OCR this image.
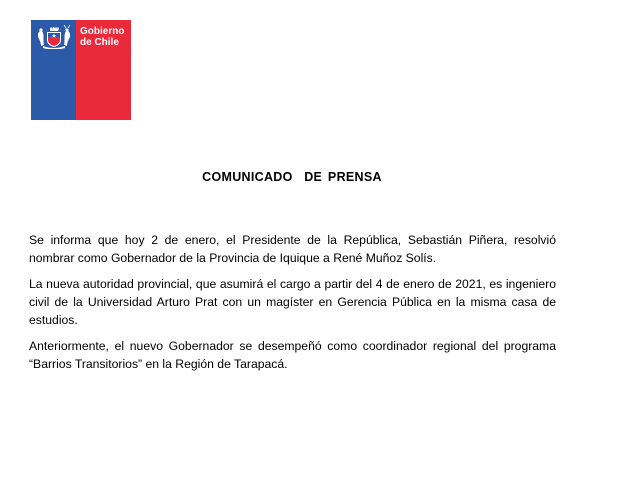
Gobierno
de Chile
COMUNICADO  DE PRENSA

Se informa que hoy 2 de enero, el Presidente de la República, Sebastián Piñera, resolvió nombrar como Gobernador de la Provincia de Iquique a René Muñoz Solís.

La nueva autoridad provincial, que asumirá el cargo a partir del 4 de enero de 2021, es ingeniero civil de la Universidad Arturo Prat con un magíster en Gerencia Pública en la misma casa de estudios.

Anteriormente, el nuevo Gobernador se desempeñó como coordinador regional del programa “Barrios Transitorios” en la Región de Tarapacá.
